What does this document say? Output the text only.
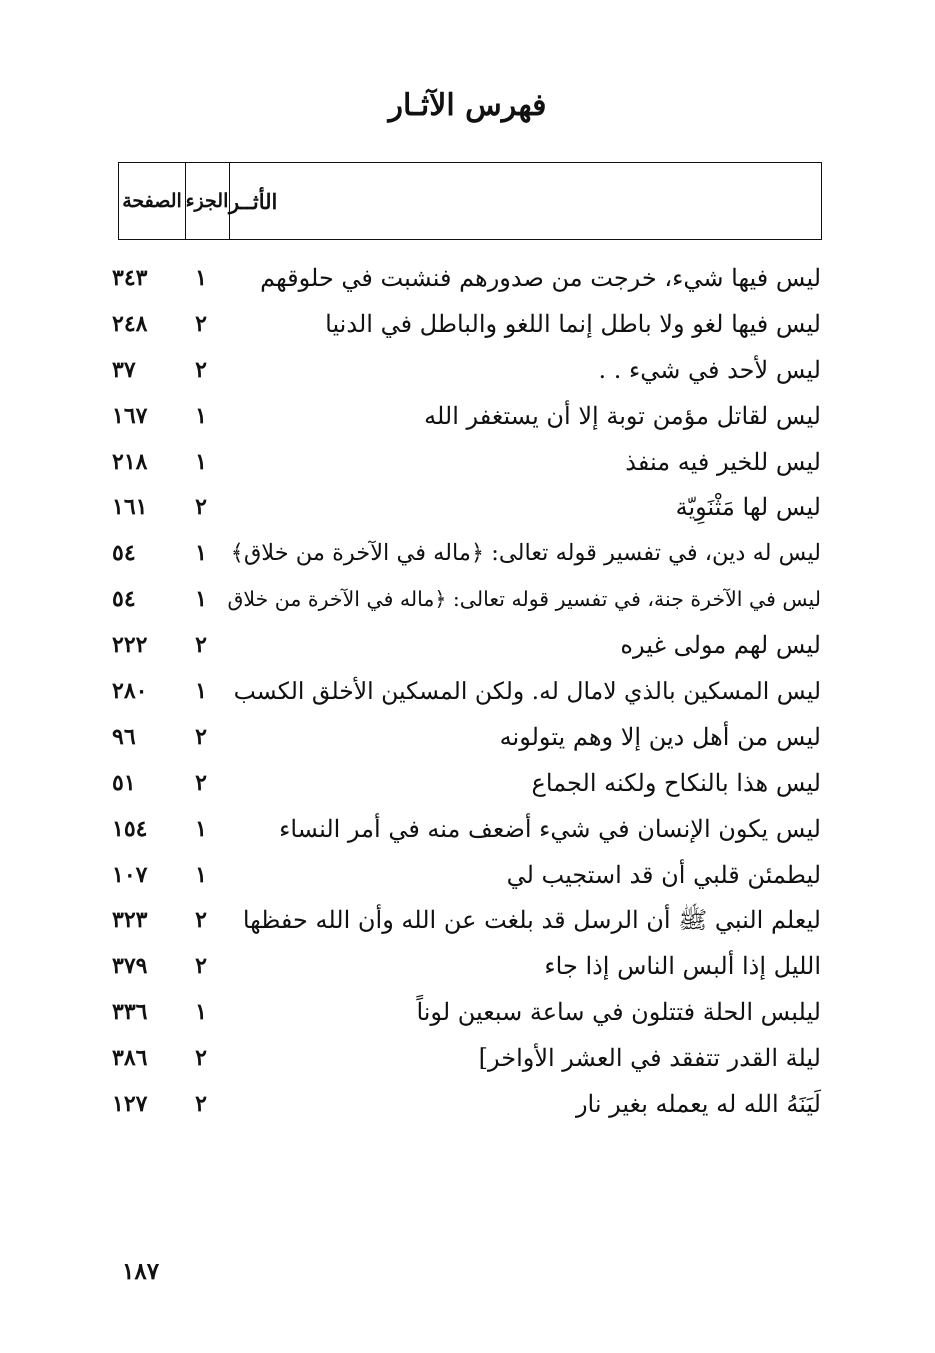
فهرس الآثـار
الصفحة الجزء الأثــر
ليس فيها شيء، خرجت من صدورهم فنشبت في حلوقهم
١
٣٤٣
ليس فيها لغو ولا باطل إنما اللغو والباطل في الدنيا
٢
٢٤٨
ليس لأحد في شيء . .
٢
٣٧
ليس لقاتل مؤمن توبة إلا أن يستغفر الله
١
١٦٧
ليس للخير فيه منفذ
١
٢١٨
ليس لها مَثْنَوِيّة
٢
١٦١
ليس له دين، في تفسير قوله تعالى: ﴿ماله في الآخرة من خلاق﴾
١
٥٤
ليس في الآخرة جنة، في تفسير قوله تعالى: ﴿ماله في الآخرة من خلاق
١
٥٤
ليس لهم مولى غيره
٢
٢٢٢
ليس المسكين بالذي لامال له. ولكن المسكين الأخلق الكسب
١
٢٨٠
ليس من أهل دين إلا وهم يتولونه
٢
٩٦
ليس هذا بالنكاح ولكنه الجماع
٢
٥١
ليس يكون الإنسان في شيء أضعف منه في أمر النساء
١
١٥٤
ليطمئن قلبي أن قد استجيب لي
١
١٠٧
ليعلم النبي ﷺ أن الرسل قد بلغت عن الله وأن الله حفظها
٢
٣٢٣
الليل إذا ألبس الناس إذا جاء
٢
٣٧٩
ليلبس الحلة فتتلون في ساعة سبعين لوناً
١
٣٣٦
ليلة القدر تتفقد في العشر الأواخر]
٢
٣٨٦
لَيَنَهُ الله له يعمله بغير نار
٢
١٢٧
١٨٧
